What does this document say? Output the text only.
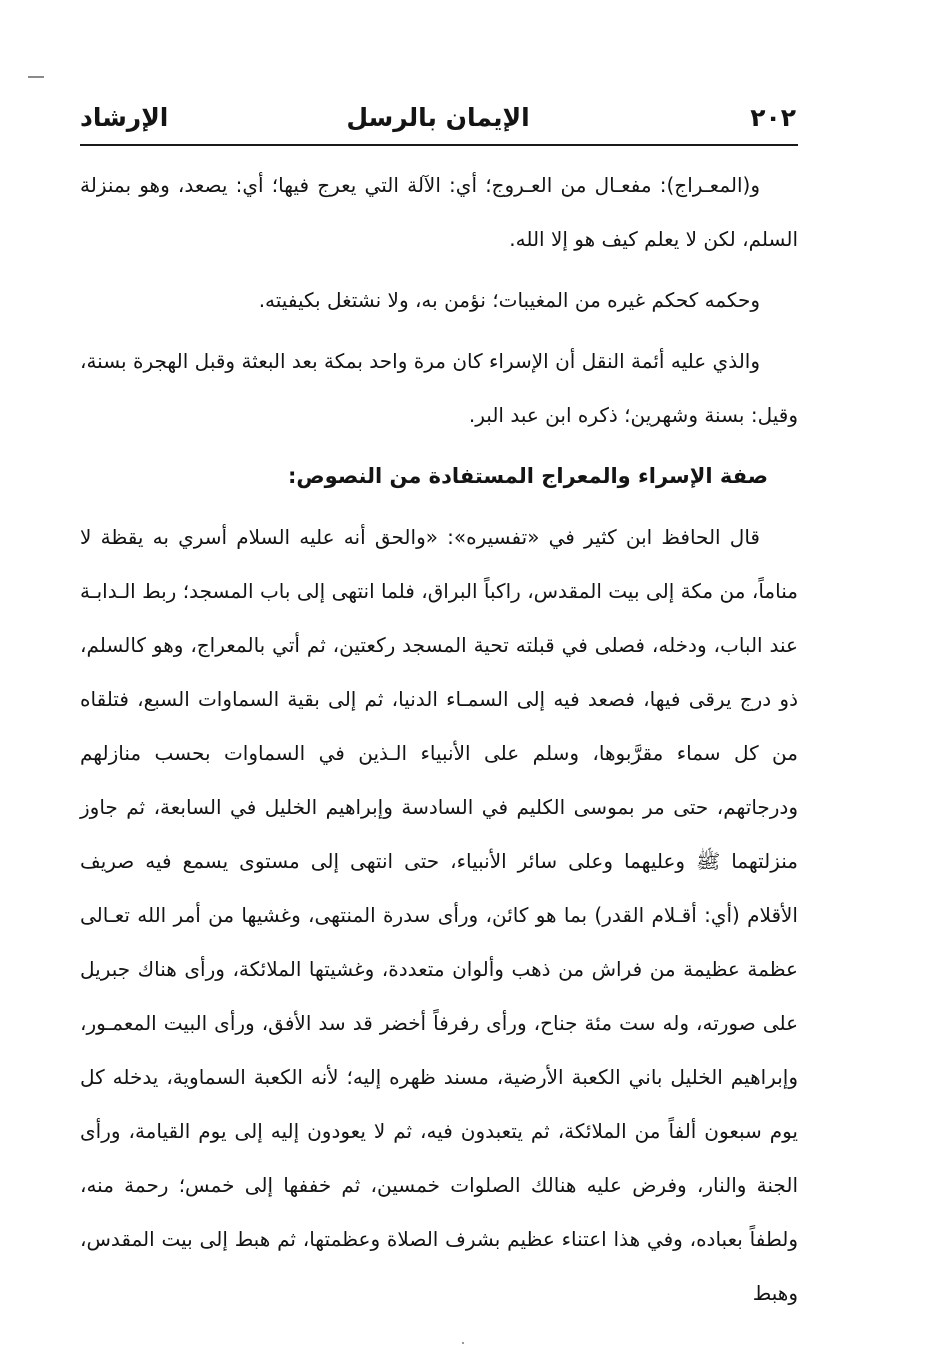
٢٠٢
الإيمان بالرسل
الإرشاد

و(المعـراج): مفعـال من العـروج؛ أي: الآلة التي يعرج فيها؛ أي: يصعد، وهو بمنزلة السلم، لكن لا يعلم كيف هو إلا الله.

وحكمه كحكم غيره من المغيبات؛ نؤمن به، ولا نشتغل بكيفيته.

والذي عليه أئمة النقل أن الإسراء كان مرة واحد بمكة بعد البعثة وقبل الهجرة بسنة، وقيل: بسنة وشهرين؛ ذكره ابن عبد البر.

صفة الإسراء والمعراج المستفادة من النصوص:

قال الحافظ ابن كثير في «تفسيره»: «والحق أنه عليه السلام أسري به يقظة لا مناماً، من مكة إلى بيت المقدس، راكباً البراق، فلما انتهى إلى باب المسجد؛ ربط الـدابـة عند الباب، ودخله، فصلى في قبلته تحية المسجد ركعتين، ثم أتي بالمعراج، وهو كالسلم، ذو درج يرقى فيها، فصعد فيه إلى السمـاء الدنيا، ثم إلى بقية السماوات السبع، فتلقاه من كل سماء مقرَّبوها، وسلم على الأنبياء الـذين في السماوات بحسب منازلهم ودرجاتهم، حتى مر بموسى الكليم في السادسة وإبراهيم الخليل في السابعة، ثم جاوز منزلتهما ﷺ وعليهما وعلى سائر الأنبياء، حتى انتهى إلى مستوى يسمع فيه صريف الأقلام (أي: أقـلام القدر) بما هو كائن، ورأى سدرة المنتهى، وغشيها من أمر الله تعـالى عظمة عظيمة من فراش من ذهب وألوان متعددة، وغشيتها الملائكة، ورأى هناك جبريل على صورته، وله ست مئة جناح، ورأى رفرفاً أخضر قد سد الأفق، ورأى البيت المعمـور، وإبراهيم الخليل باني الكعبة الأرضية، مسند ظهره إليه؛ لأنه الكعبة السماوية، يدخله كل يوم سبعون ألفاً من الملائكة، ثم يتعبدون فيه، ثم لا يعودون إليه إلى يوم القيامة، ورأى الجنة والنار، وفرض عليه هنالك الصلوات خمسين، ثم خففها إلى خمس؛ رحمة منه، ولطفاً بعباده، وفي هذا اعتناء عظيم بشرف الصلاة وعظمتها، ثم هبط إلى بيت المقدس، وهبط
